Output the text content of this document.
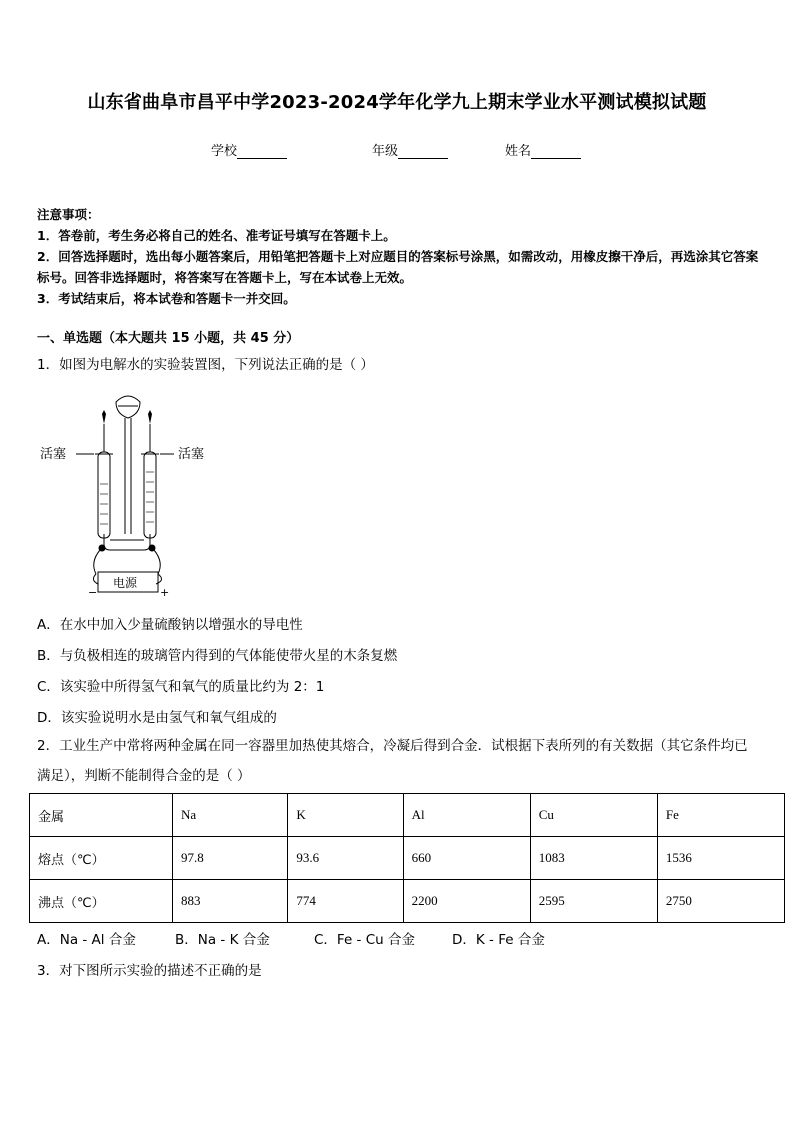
山东省曲阜市昌平中学2023-2024学年化学九上期末学业水平测试模拟试题
学校	年级	姓名
注意事项：
1．答卷前，考生务必将自己的姓名、准考证号填写在答题卡上。
2．回答选择题时，选出每小题答案后，用铅笔把答题卡上对应题目的答案标号涂黑，如需改动，用橡皮擦干净后，再选涂其它答案标号。回答非选择题时，将答案写在答题卡上，写在本试卷上无效。
3．考试结束后，将本试卷和答题卡一并交回。
一、单选题（本大题共 15 小题，共 45 分）
1．如图为电解水的实验装置图，下列说法正确的是（ ）
活塞	活塞
电源
−	+
A．在水中加入少量硫酸钠以增强水的导电性
B．与负极相连的玻璃管内得到的气体能使带火星的木条复燃
C．该实验中所得氢气和氧气的质量比约为 2：1
D．该实验说明水是由氢气和氧气组成的
2．工业生产中常将两种金属在同一容器里加热使其熔合，冷凝后得到合金．试根据下表所列的有关数据（其它条件均已满足），判断不能制得合金的是（ ）
金属	Na	K	Al	Cu	Fe
熔点（℃）	97.8	93.6	660	1083	1536
沸点（℃）	883	774	2200	2595	2750
A．Na - Al 合金	B．Na - K 合金	C．Fe - Cu 合金	D．K - Fe 合金
3．对下图所示实验的描述不正确的是
